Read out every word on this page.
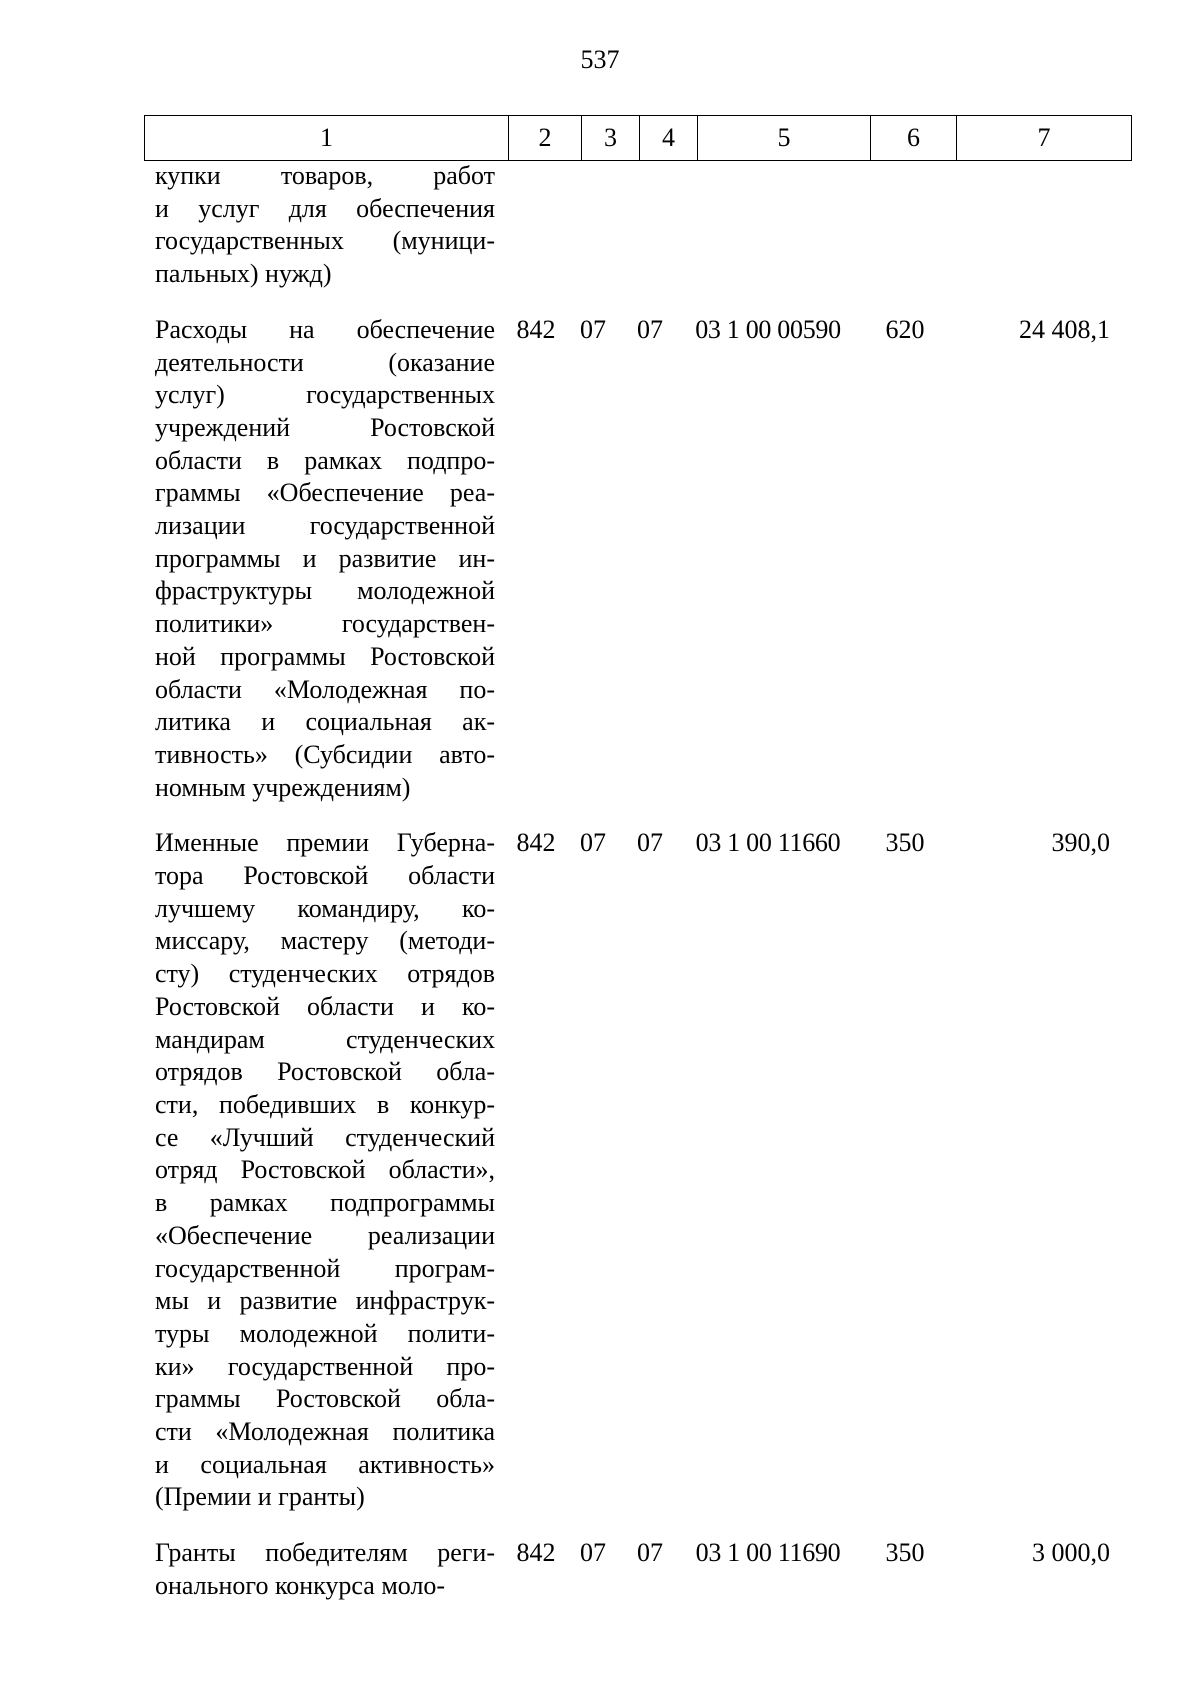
537
1	2	3	4	5	6	7
купки товаров, работ
и услуг для обеспечения
государственных (муници-
пальных) нужд)
Расходы на обеспечение
деятельности (оказание
услуг) государственных
учреждений Ростовской
области в рамках подпро-
граммы «Обеспечение реа-
лизации государственной
программы и развитие ин-
фраструктуры молодежной
политики» государствен-
ной программы Ростовской
области «Молодежная по-
литика и социальная ак-
тивность» (Субсидии авто-
номным учреждениям)
842 07	07	03 1 00 00590	620	24 408,1
Именные премии Губерна-
тора Ростовской области
лучшему командиру, ко-
миссару, мастеру (методи-
сту) студенческих отрядов
Ростовской области и ко-
мандирам студенческих
отрядов Ростовской обла-
сти, победивших в конкур-
се «Лучший студенческий
отряд Ростовской области»,
в рамках подпрограммы
«Обеспечение реализации
государственной програм-
мы и развитие инфраструк-
туры молодежной полити-
ки» государственной про-
граммы Ростовской обла-
сти «Молодежная политика
и социальная активность»
(Премии и гранты)
842 07	07	03 1 00 11660	350	390,0
Гранты победителям реги-
онального конкурса моло-
842 07	07	03 1 00 11690	350	3 000,0
